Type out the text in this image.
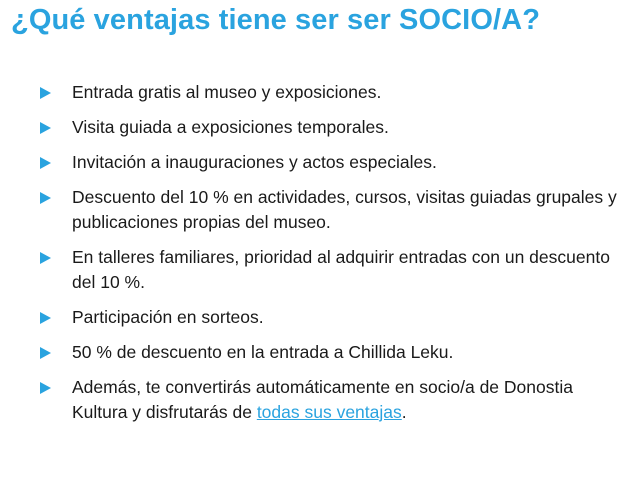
¿Qué ventajas tiene ser ser SOCIO/A?
Entrada gratis al museo y exposiciones.
Visita guiada a exposiciones temporales.
Invitación a inauguraciones y actos especiales.
Descuento del 10 % en actividades, cursos, visitas guiadas grupales y publicaciones propias del museo.
En talleres familiares, prioridad al adquirir entradas con un descuento del 10 %.
Participación en sorteos.
50 % de descuento en la entrada a Chillida Leku.
Además, te convertirás automáticamente en socio/a de Donostia Kultura y disfrutarás de todas sus ventajas.
